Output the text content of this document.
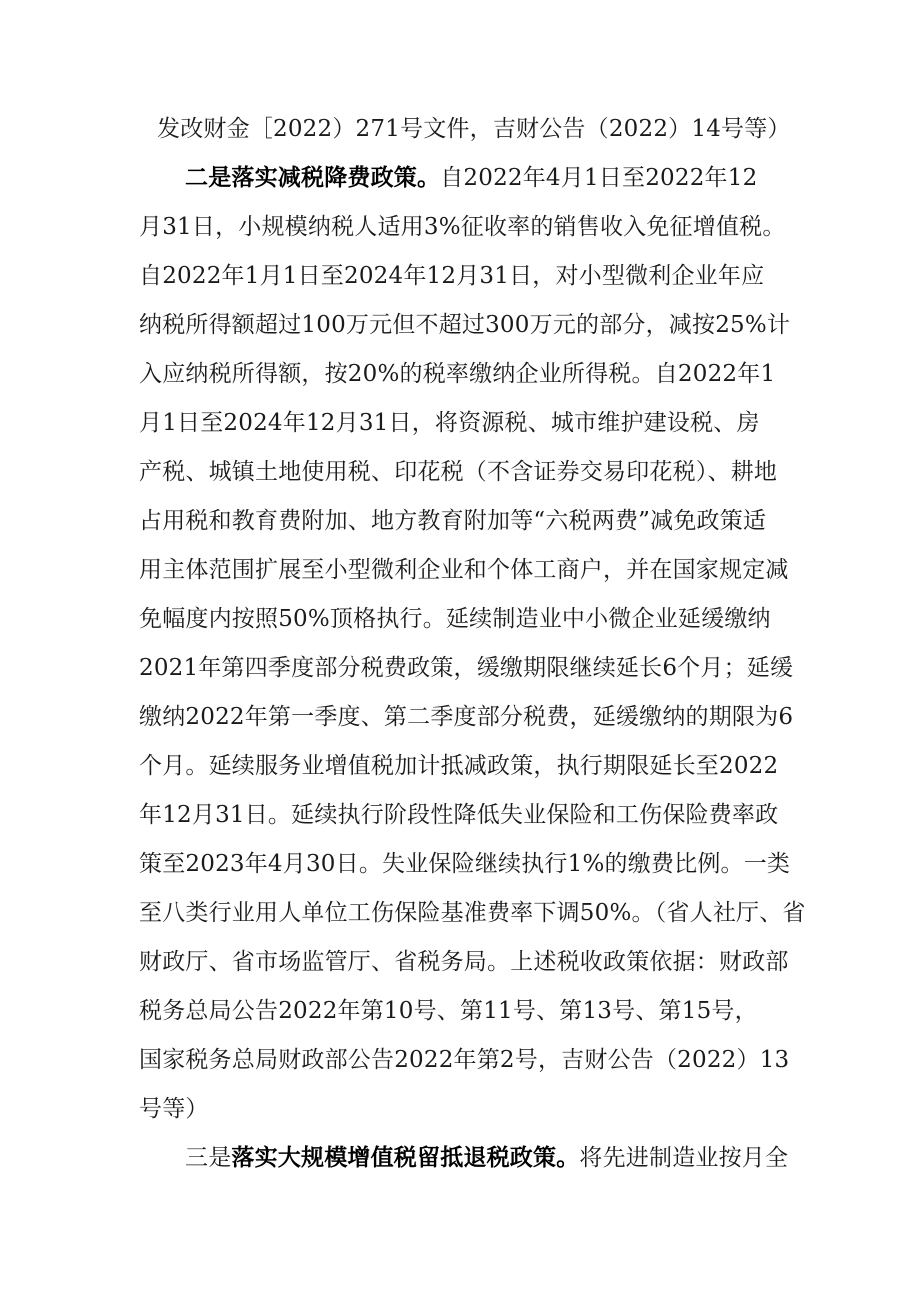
发改财金［2022）271号文件，吉财公告（2022）14号等）
二是落实减税降费政策。自2022年4月1日至2022年12
月31日，小规模纳税人适用3%征收率的销售收入免征增值税。
自2022年1月1日至2024年12月31日，对小型微利企业年应
纳税所得额超过100万元但不超过300万元的部分，减按25%计
入应纳税所得额，按20%的税率缴纳企业所得税。自2022年1
月1日至2024年12月31日，将资源税、城市维护建设税、房
产税、城镇土地使用税、印花税（不含证券交易印花税）、耕地
占用税和教育费附加、地方教育附加等“六税两费”减免政策适
用主体范围扩展至小型微利企业和个体工商户，并在国家规定减
免幅度内按照50%顶格执行。延续制造业中小微企业延缓缴纳
2021年第四季度部分税费政策，缓缴期限继续延长6个月；延缓
缴纳2022年第一季度、第二季度部分税费，延缓缴纳的期限为6
个月。延续服务业增值税加计抵减政策，执行期限延长至2022
年12月31日。延续执行阶段性降低失业保险和工伤保险费率政
策至2023年4月30日。失业保险继续执行1%的缴费比例。一类
至八类行业用人单位工伤保险基准费率下调50%。（省人社厅、省
财政厅、省市场监管厅、省税务局。上述税收政策依据：财政部
税务总局公告2022年第10号、第11号、第13号、第15号，
国家税务总局财政部公告2022年第2号，吉财公告（2022）13
号等）
三是落实大规模增值税留抵退税政策。将先进制造业按月全
